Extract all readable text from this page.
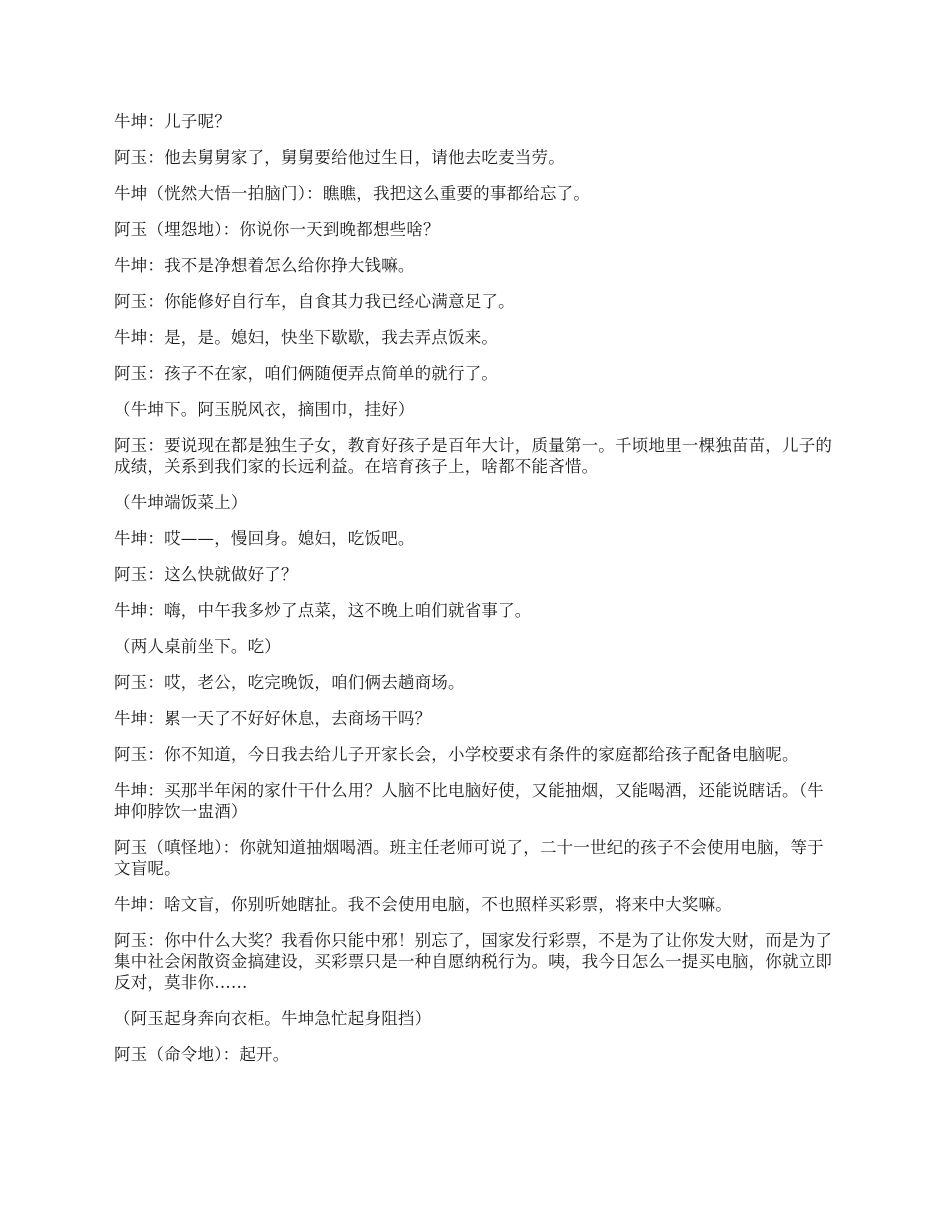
牛坤：儿子呢？

阿玉：他去舅舅家了，舅舅要给他过生日，请他去吃麦当劳。

牛坤（恍然大悟一拍脑门）：瞧瞧，我把这么重要的事都给忘了。

阿玉（埋怨地）：你说你一天到晚都想些啥？

牛坤：我不是净想着怎么给你挣大钱嘛。

阿玉：你能修好自行车，自食其力我已经心满意足了。

牛坤：是，是。媳妇，快坐下歇歇，我去弄点饭来。

阿玉：孩子不在家，咱们俩随便弄点简单的就行了。

（牛坤下。阿玉脱风衣，摘围巾，挂好）

阿玉：要说现在都是独生子女，教育好孩子是百年大计，质量第一。千顷地里一棵独苗苗，儿子的成绩，关系到我们家的长远利益。在培育孩子上，啥都不能吝惜。

（牛坤端饭菜上）

牛坤：哎——，慢回身。媳妇，吃饭吧。

阿玉：这么快就做好了？

牛坤：嗨，中午我多炒了点菜，这不晚上咱们就省事了。

（两人桌前坐下。吃）

阿玉：哎，老公，吃完晚饭，咱们俩去趟商场。

牛坤：累一天了不好好休息，去商场干吗？

阿玉：你不知道，今日我去给儿子开家长会，小学校要求有条件的家庭都给孩子配备电脑呢。

牛坤：买那半年闲的家什干什么用？人脑不比电脑好使，又能抽烟，又能喝酒，还能说瞎话。（牛坤仰脖饮一盅酒）

阿玉（嗔怪地）：你就知道抽烟喝酒。班主任老师可说了，二十一世纪的孩子不会使用电脑，等于文盲呢。

牛坤：啥文盲，你别听她瞎扯。我不会使用电脑，不也照样买彩票，将来中大奖嘛。

阿玉：你中什么大奖？我看你只能中邪！别忘了，国家发行彩票，不是为了让你发大财，而是为了集中社会闲散资金搞建设，买彩票只是一种自愿纳税行为。咦，我今日怎么一提买电脑，你就立即反对，莫非你……

（阿玉起身奔向衣柜。牛坤急忙起身阻挡）

阿玉（命令地）：起开。
